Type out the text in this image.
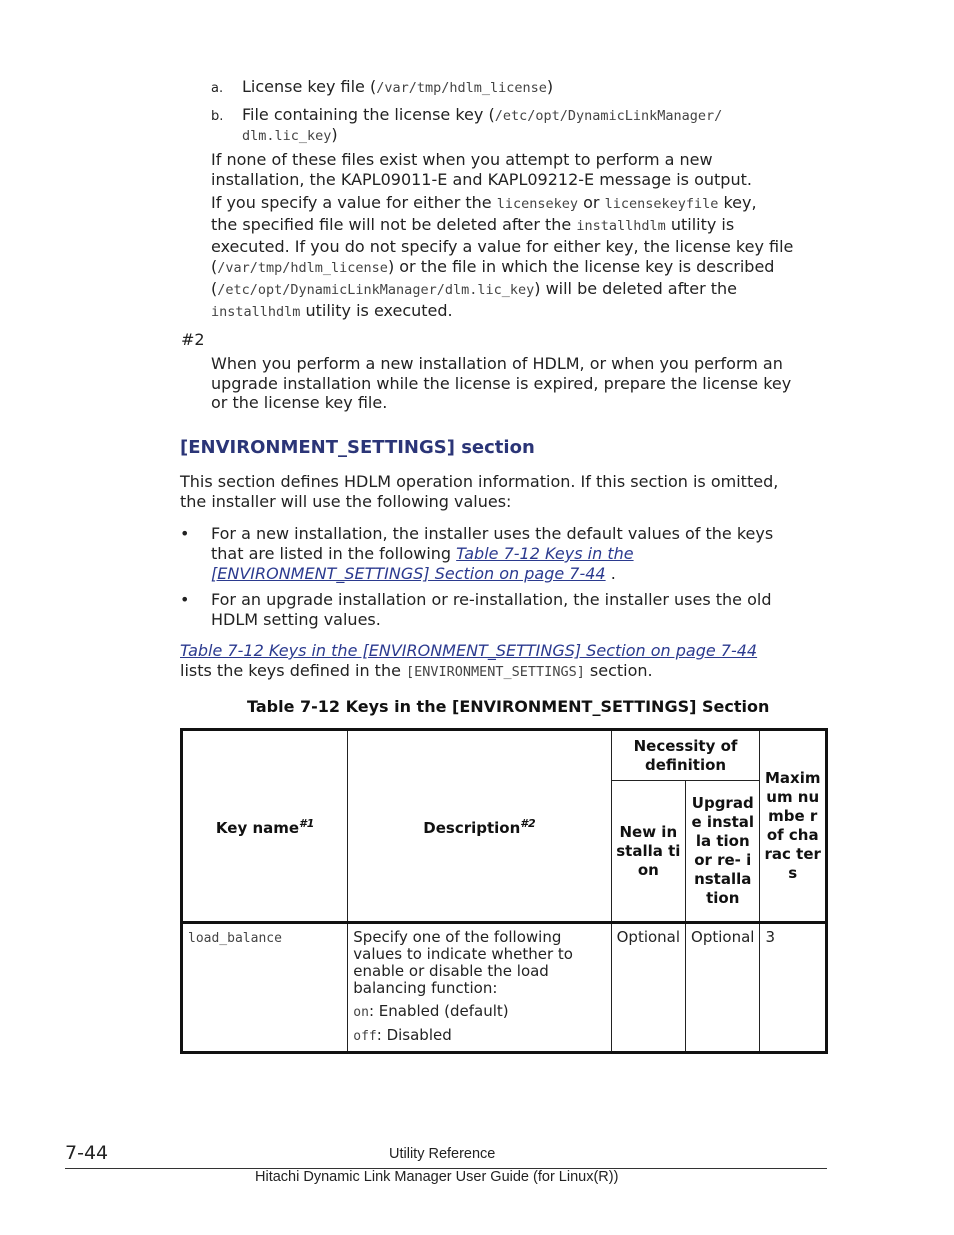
a. License key file (/var/tmp/hdlm_license)
b. File containing the license key (/etc/opt/DynamicLinkManager/
dlm.lic_key)
If none of these files exist when you attempt to perform a new
installation, the KAPL09011-E and KAPL09212-E message is output.
If you specify a value for either the licensekey or licensekeyfile key,
the specified file will not be deleted after the installhdlm utility is
executed. If you do not specify a value for either key, the license key file
(/var/tmp/hdlm_license) or the file in which the license key is described
(/etc/opt/DynamicLinkManager/dlm.lic_key) will be deleted after the
installhdlm utility is executed.
#2
When you perform a new installation of HDLM, or when you perform an
upgrade installation while the license is expired, prepare the license key
or the license key file.
[ENVIRONMENT_SETTINGS] section
This section defines HDLM operation information. If this section is omitted,
the installer will use the following values:
• For a new installation, the installer uses the default values of the keys
that are listed in the following Table 7-12 Keys in the
[ENVIRONMENT_SETTINGS] Section on page 7-44 .
• For an upgrade installation or re-installation, the installer uses the old
HDLM setting values.
Table 7-12 Keys in the [ENVIRONMENT_SETTINGS] Section on page 7-44
lists the keys defined in the [ENVIRONMENT_SETTINGS] section.
Table 7-12 Keys in the [ENVIRONMENT_SETTINGS] Section
Key name$^{\#1}$	Description$^{\#2}$	Necessity of definition		Maxim um numbe r of charac ters
		New installa tion	Upgrad e installa tion or re- installa tion	
load_balance	Specify one of the following values to indicate whether to enable or disable the load balancing function:
on: Enabled (default)
off: Disabled	Optional	Optional	3
7-44	Utility Reference
Hitachi Dynamic Link Manager User Guide (for Linux(R))
